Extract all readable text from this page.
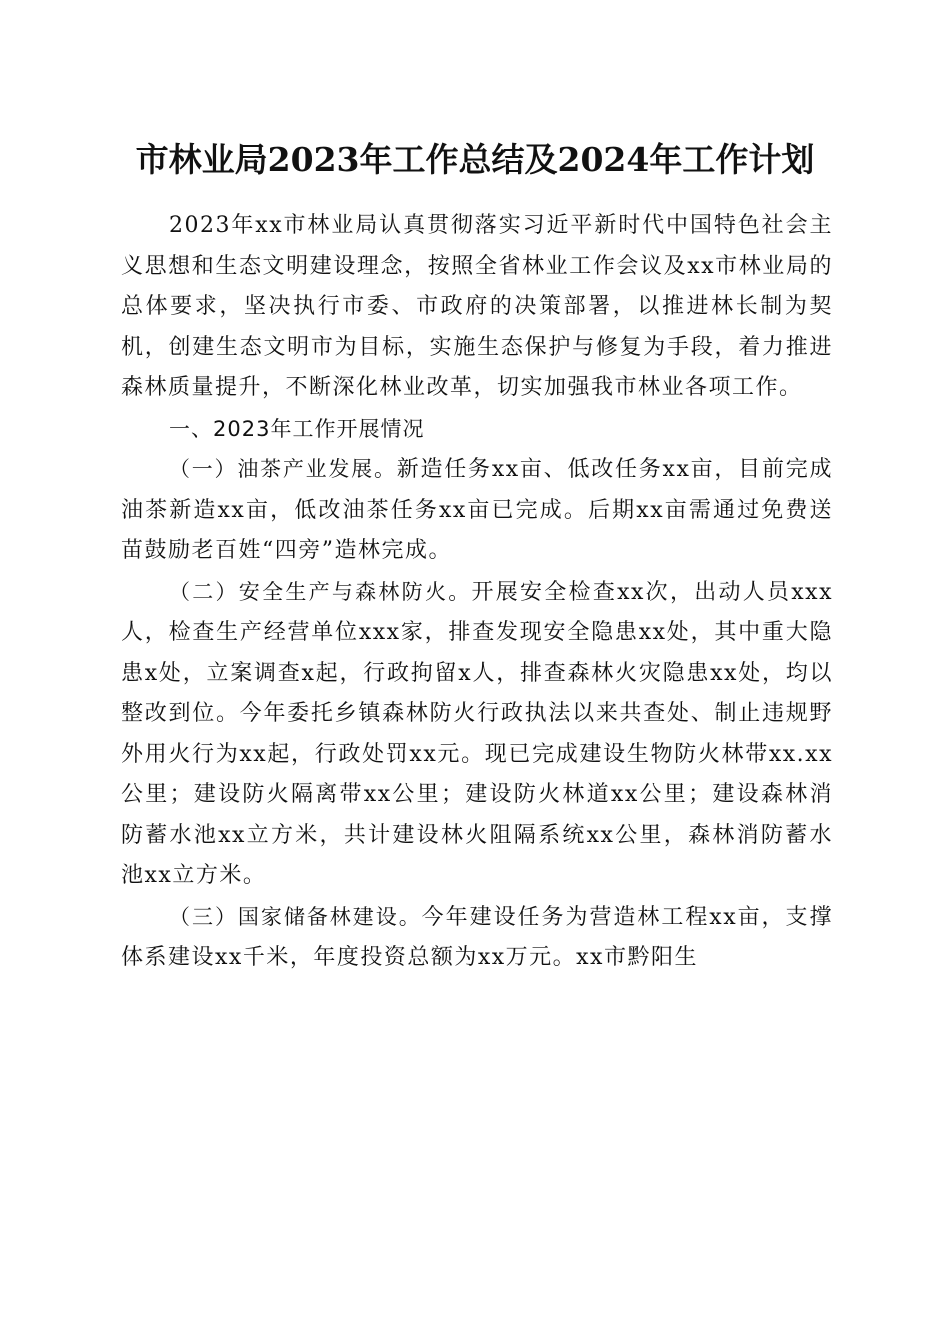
市林业局2023年工作总结及2024年工作计划

2023年xx市林业局认真贯彻落实习近平新时代中国特色社会主义思想和生态文明建设理念，按照全省林业工作会议及xx市林业局的总体要求，坚决执行市委、市政府的决策部署，以推进林长制为契机，创建生态文明市为目标，实施生态保护与修复为手段，着力推进森林质量提升，不断深化林业改革，切实加强我市林业各项工作。

一、2023年工作开展情况

（一）油茶产业发展。新造任务xx亩、低改任务xx亩，目前完成油茶新造xx亩，低改油茶任务xx亩已完成。后期xx亩需通过免费送苗鼓励老百姓“四旁”造林完成。

（二）安全生产与森林防火。开展安全检查xx次，出动人员xxx人，检查生产经营单位xxx家，排查发现安全隐患xx处，其中重大隐患x处，立案调查x起，行政拘留x人，排查森林火灾隐患xx处，均以整改到位。今年委托乡镇森林防火行政执法以来共查处、制止违规野外用火行为xx起，行政处罚xx元。现已完成建设生物防火林带xx.xx公里；建设防火隔离带xx公里；建设防火林道xx公里；建设森林消防蓄水池xx立方米，共计建设林火阻隔系统xx公里，森林消防蓄水池xx立方米。

（三）国家储备林建设。今年建设任务为营造林工程xx亩，支撑体系建设xx千米，年度投资总额为xx万元。xx市黔阳生
